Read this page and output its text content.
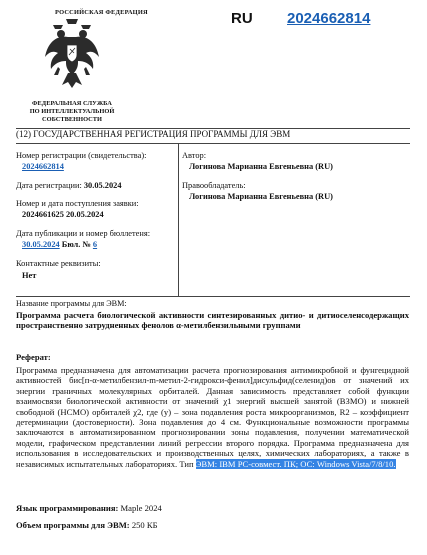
РОССИЙСКАЯ ФЕДЕРАЦИЯ
ФЕДЕРАЛЬНАЯ СЛУЖБА
ПО ИНТЕЛЛЕКТУАЛЬНОЙ СОБСТВЕННОСТИ
RU 2024662814
(12) ГОСУДАРСТВЕННАЯ РЕГИСТРАЦИЯ ПРОГРАММЫ ДЛЯ ЭВМ
Номер регистрации (свидетельства):
2024662814
Дата регистрации: 30.05.2024
Номер и дата поступления заявки:
2024661625 20.05.2024
Дата публикации и номер бюллетеня:
30.05.2024 Бюл. № 6
Контактные реквизиты:
Нет
Автор:
Логинова Марианна Евгеньевна (RU)
Правообладатель:
Логинова Марианна Евгеньевна (RU)
Название программы для ЭВМ:
Программа расчета биологической активности синтезированных дитио- и дитиоселенсодержащих пространственно затрудненных фенолов α-метилбензильными группами
Реферат:
Программа предназначена для автоматизации расчета прогнозирования антимикробной и фунгецидной активностей бис[п-α-метилбензил-m-метил-2-гидрокси-фенил]дисульфид(селенид)ов от значений их энергии граничных молекулярных орбиталей. Данная зависимость представляет собой функции взаимосвязи биологической активности от значений χ1 энергий высшей занятой (ВЗМО) и нижней свободной (НСМО) орбиталей χ2, где (у) – зона подавления роста микроорганизмов, R2 – коэффициент детерминации (достоверности). Зона подавления до 4 см. Функциональные возможности программы заключаются в автоматизированном прогнозировании зоны подавления, получении математической модели, графическом представлении линий регрессии второго порядка. Программа предназначена для использования в исследовательских и производственных целях, химических лабораториях, а также в независимых испытательных лабораториях. Тип ЭВМ: IBM PC-совмест. ПК; ОС: Windows Vista/7/8/10.
Язык программирования: Maple 2024
Объем программы для ЭВМ: 250 КБ
